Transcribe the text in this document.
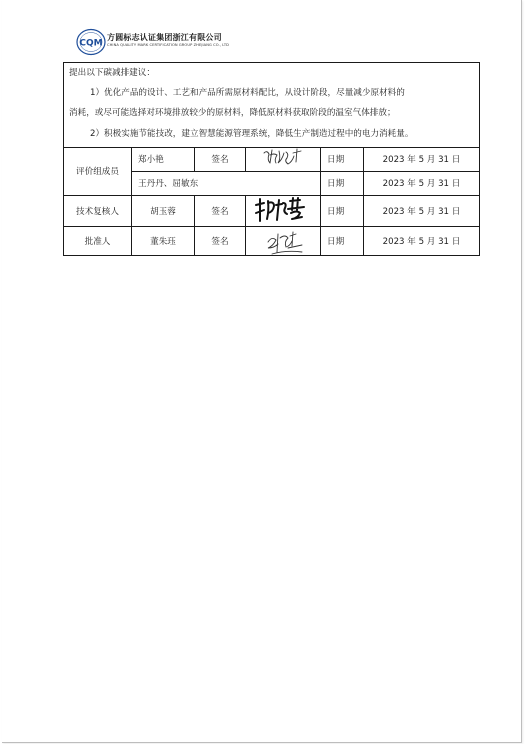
CQM
方圆标志认证集团浙江有限公司
CHINA QUALITY MARK CERTIFICATION GROUP ZHEJIANG CO., LTD
提出以下碳减排建议：
1）优化产品的设计、工艺和产品所需原材料配比，从设计阶段，尽量减少原材料的
消耗，或尽可能选择对环境排放较少的原材料，降低原材料获取阶段的温室气体排放；
2）积极实施节能技改，建立智慧能源管理系统，降低生产制造过程中的电力消耗量。
评价组成员
郑小艳	签名	日期	2023 年 5 月 31 日
王丹丹、屈敏东	日期	2023 年 5 月 31 日
技术复核人	胡玉蓉	签名	日期	2023 年 5 月 31 日
批准人	董朱珏	签名	日期	2023 年 5 月 31 日
